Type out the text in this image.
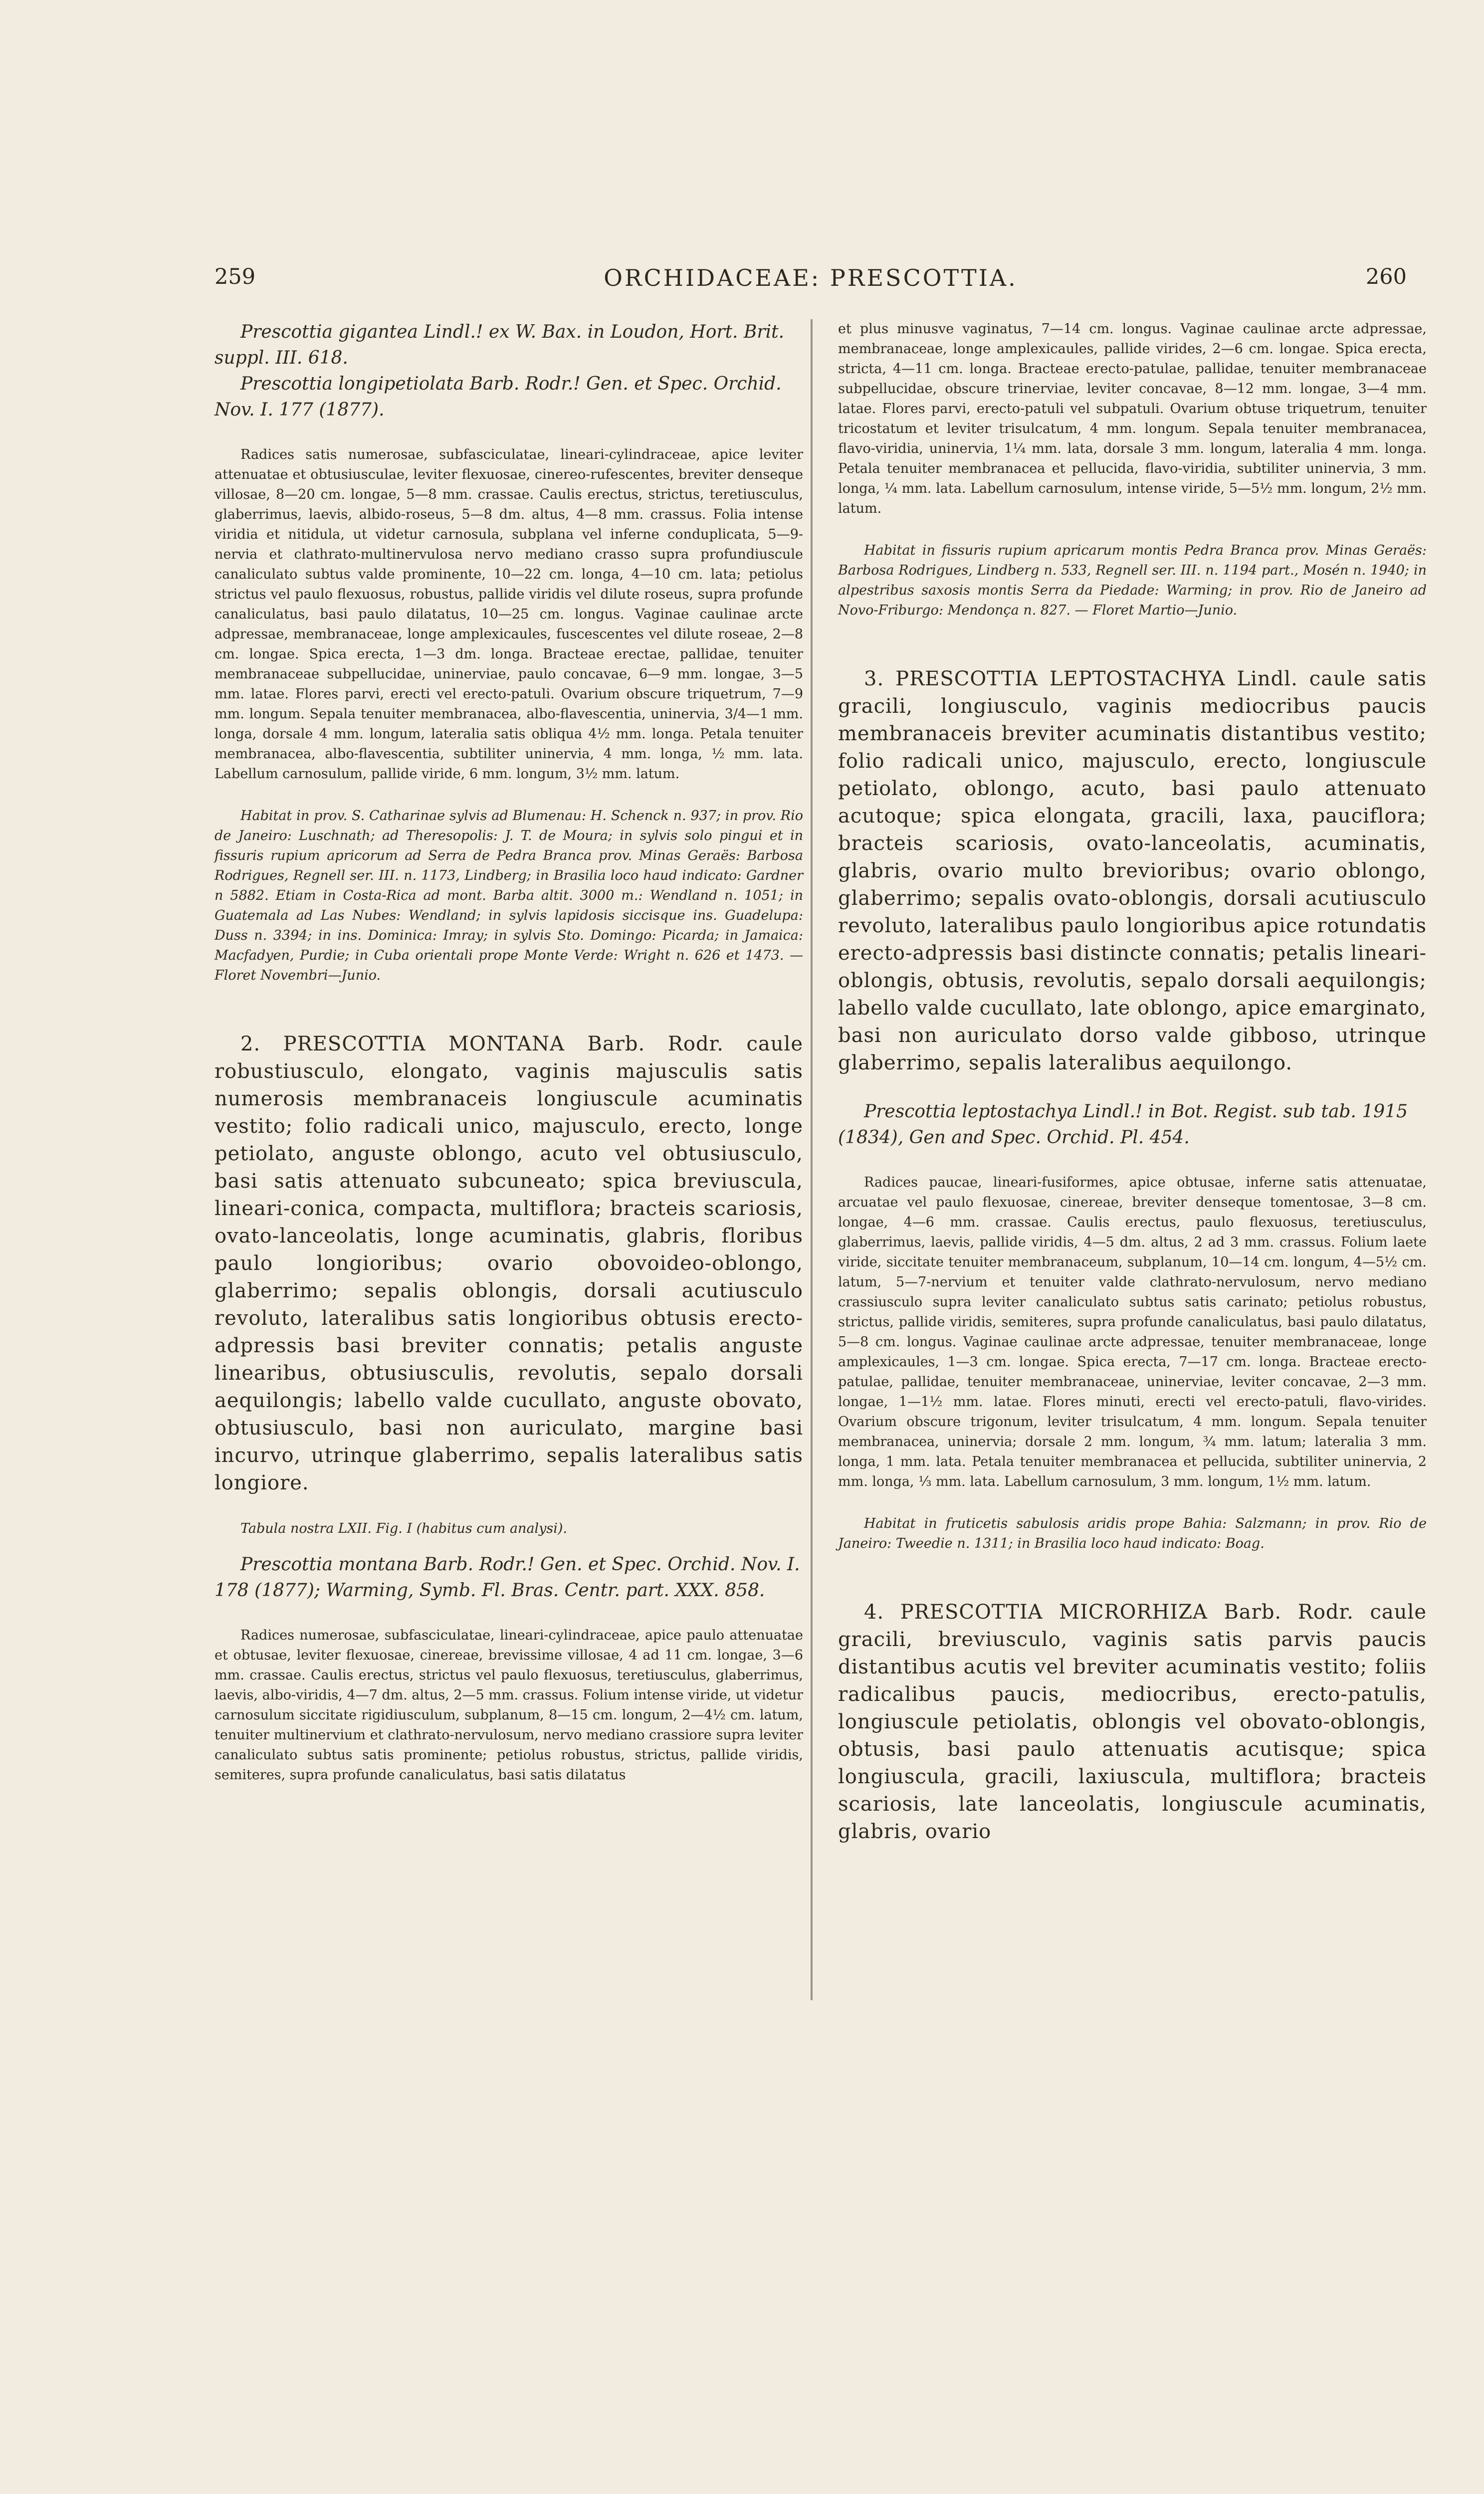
259	ORCHIDACEAE: PRESCOTTIA.	260

Prescottia gigantea Lindl.! ex W. Bax. in Loudon, Hort. Brit. suppl. III. 618.

Prescottia longipetiolata Barb. Rodr.! Gen. et Spec. Orchid. Nov. I. 177 (1877).

Radices satis numerosae, subfasciculatae, lineari-cylindraceae, apice leviter attenuatae et obtusiusculae, leviter flexuosae, cinereo-rufescentes, breviter denseque villosae, 8—20 cm. longae, 5—8 mm. crassae. Caulis erectus, strictus, teretiusculus, glaberrimus, laevis, albido-roseus, 5—8 dm. altus, 4—8 mm. crassus. Folia intense viridia et nitidula, ut videtur carnosula, subplana vel inferne conduplicata, 5—9-nervia et clathrato-multinervulosa nervo mediano crasso supra profundiuscule canaliculato subtus valde prominente, 10—22 cm. longa, 4—10 cm. lata; petiolus strictus vel paulo flexuosus, robustus, pallide viridis vel dilute roseus, supra profunde canaliculatus, basi paulo dilatatus, 10—25 cm. longus. Vaginae caulinae arcte adpressae, membranaceae, longe amplexicaules, fuscescentes vel dilute roseae, 2—8 cm. longae. Spica erecta, 1—3 dm. longa. Bracteae erectae, pallidae, tenuiter membranaceae subpellucidae, uninerviae, paulo concavae, 6—9 mm. longae, 3—5 mm. latae. Flores parvi, erecti vel erecto-patuli. Ovarium obscure triquetrum, 7—9 mm. longum. Sepala tenuiter membranacea, albo-flavescentia, uninervia, 3/4—1 mm. longa, dorsale 4 mm. longum, lateralia satis obliqua 4½ mm. longa. Petala tenuiter membranacea, albo-flavescentia, subtiliter uninervia, 4 mm. longa, ½ mm. lata. Labellum carnosulum, pallide viride, 6 mm. longum, 3½ mm. latum.

Habitat in prov. S. Catharinae sylvis ad Blumenau: H. Schenck n. 937; in prov. Rio de Janeiro: Luschnath; ad Theresopolis: J. T. de Moura; in sylvis solo pingui et in fissuris rupium apricorum ad Serra de Pedra Branca prov. Minas Geraës: Barbosa Rodrigues, Regnell ser. III. n. 1173, Lindberg; in Brasilia loco haud indicato: Gardner n 5882. Etiam in Costa-Rica ad mont. Barba altit. 3000 m.: Wendland n. 1051; in Guatemala ad Las Nubes: Wendland; in sylvis lapidosis siccisque ins. Guadelupa: Duss n. 3394; in ins. Dominica: Imray; in sylvis Sto. Domingo: Picarda; in Jamaica: Macfadyen, Purdie; in Cuba orientali prope Monte Verde: Wright n. 626 et 1473. — Floret Novembri—Junio.

2. PRESCOTTIA MONTANA Barb. Rodr. caule robustiusculo, elongato, vaginis majusculis satis numerosis membranaceis longiuscule acuminatis vestito; folio radicali unico, majusculo, erecto, longe petiolato, anguste oblongo, acuto vel obtusiusculo, basi satis attenuato subcuneato; spica breviuscula, lineari-conica, compacta, multiflora; bracteis scariosis, ovato-lanceolatis, longe acuminatis, glabris, floribus paulo longioribus; ovario obovoideo-oblongo, glaberrimo; sepalis oblongis, dorsali acutiusculo revoluto, lateralibus satis longioribus obtusis erecto-adpressis basi breviter connatis; petalis anguste linearibus, obtusiusculis, revolutis, sepalo dorsali aequilongis; labello valde cucullato, anguste obovato, obtusiusculo, basi non auriculato, margine basi incurvo, utrinque glaberrimo, sepalis lateralibus satis longiore.

Tabula nostra LXII. Fig. I (habitus cum analysi).

Prescottia montana Barb. Rodr.! Gen. et Spec. Orchid. Nov. I. 178 (1877); Warming, Symb. Fl. Bras. Centr. part. XXX. 858.

Radices numerosae, subfasciculatae, lineari-cylindraceae, apice paulo attenuatae et obtusae, leviter flexuosae, cinereae, brevissime villosae, 4 ad 11 cm. longae, 3—6 mm. crassae. Caulis erectus, strictus vel paulo flexuosus, teretiusculus, glaberrimus, laevis, albo-viridis, 4—7 dm. altus, 2—5 mm. crassus. Folium intense viride, ut videtur carnosulum siccitate rigidiusculum, subplanum, 8—15 cm. longum, 2—4½ cm. latum, tenuiter multinervium et clathrato-nervulosum, nervo mediano crassiore supra leviter canaliculato subtus satis prominente; petiolus robustus, strictus, pallide viridis, semiteres, supra profunde canaliculatus, basi satis dilatatus

et plus minusve vaginatus, 7—14 cm. longus. Vaginae caulinae arcte adpressae, membranaceae, longe amplexicaules, pallide virides, 2—6 cm. longae. Spica erecta, stricta, 4—11 cm. longa. Bracteae erecto-patulae, pallidae, tenuiter membranaceae subpellucidae, obscure trinerviae, leviter concavae, 8—12 mm. longae, 3—4 mm. latae. Flores parvi, erecto-patuli vel subpatuli. Ovarium obtuse triquetrum, tenuiter tricostatum et leviter trisulcatum, 4 mm. longum. Sepala tenuiter membranacea, flavo-viridia, uninervia, 1¼ mm. lata, dorsale 3 mm. longum, lateralia 4 mm. longa. Petala tenuiter membranacea et pellucida, flavo-viridia, subtiliter uninervia, 3 mm. longa, ¼ mm. lata. Labellum carnosulum, intense viride, 5—5½ mm. longum, 2½ mm. latum.

Habitat in fissuris rupium apricarum montis Pedra Branca prov. Minas Geraës: Barbosa Rodrigues, Lindberg n. 533, Regnell ser. III. n. 1194 part., Mosén n. 1940; in alpestribus saxosis montis Serra da Piedade: Warming; in prov. Rio de Janeiro ad Novo-Friburgo: Mendonça n. 827. — Floret Martio—Junio.

3. PRESCOTTIA LEPTOSTACHYA Lindl. caule satis gracili, longiusculo, vaginis mediocribus paucis membranaceis breviter acuminatis distantibus vestito; folio radicali unico, majusculo, erecto, longiuscule petiolato, oblongo, acuto, basi paulo attenuato acutoque; spica elongata, gracili, laxa, pauciflora; bracteis scariosis, ovato-lanceolatis, acuminatis, glabris, ovario multo brevioribus; ovario oblongo, glaberrimo; sepalis ovato-oblongis, dorsali acutiusculo revoluto, lateralibus paulo longioribus apice rotundatis erecto-adpressis basi distincte connatis; petalis lineari-oblongis, obtusis, revolutis, sepalo dorsali aequilongis; labello valde cucullato, late oblongo, apice emarginato, basi non auriculato dorso valde gibboso, utrinque glaberrimo, sepalis lateralibus aequilongo.

Prescottia leptostachya Lindl.! in Bot. Regist. sub tab. 1915 (1834), Gen and Spec. Orchid. Pl. 454.

Radices paucae, lineari-fusiformes, apice obtusae, inferne satis attenuatae, arcuatae vel paulo flexuosae, cinereae, breviter denseque tomentosae, 3—8 cm. longae, 4—6 mm. crassae. Caulis erectus, paulo flexuosus, teretiusculus, glaberrimus, laevis, pallide viridis, 4—5 dm. altus, 2 ad 3 mm. crassus. Folium laete viride, siccitate tenuiter membranaceum, subplanum, 10—14 cm. longum, 4—5½ cm. latum, 5—7-nervium et tenuiter valde clathrato-nervulosum, nervo mediano crassiusculo supra leviter canaliculato subtus satis carinato; petiolus robustus, strictus, pallide viridis, semiteres, supra profunde canaliculatus, basi paulo dilatatus, 5—8 cm. longus. Vaginae caulinae arcte adpressae, tenuiter membranaceae, longe amplexicaules, 1—3 cm. longae. Spica erecta, 7—17 cm. longa. Bracteae erecto-patulae, pallidae, tenuiter membranaceae, uninerviae, leviter concavae, 2—3 mm. longae, 1—1½ mm. latae. Flores minuti, erecti vel erecto-patuli, flavo-virides. Ovarium obscure trigonum, leviter trisulcatum, 4 mm. longum. Sepala tenuiter membranacea, uninervia; dorsale 2 mm. longum, ¾ mm. latum; lateralia 3 mm. longa, 1 mm. lata. Petala tenuiter membranacea et pellucida, subtiliter uninervia, 2 mm. longa, ⅓ mm. lata. Labellum carnosulum, 3 mm. longum, 1½ mm. latum.

Habitat in fruticetis sabulosis aridis prope Bahia: Salzmann; in prov. Rio de Janeiro: Tweedie n. 1311; in Brasilia loco haud indicato: Boag.

4. PRESCOTTIA MICRORHIZA Barb. Rodr. caule gracili, breviusculo, vaginis satis parvis paucis distantibus acutis vel breviter acuminatis vestito; foliis radicalibus paucis, mediocribus, erecto-patulis, longiuscule petiolatis, oblongis vel obovato-oblongis, obtusis, basi paulo attenuatis acutisque; spica longiuscula, gracili, laxiuscula, multiflora; bracteis scariosis, late lanceolatis, longiuscule acuminatis, glabris, ovario
